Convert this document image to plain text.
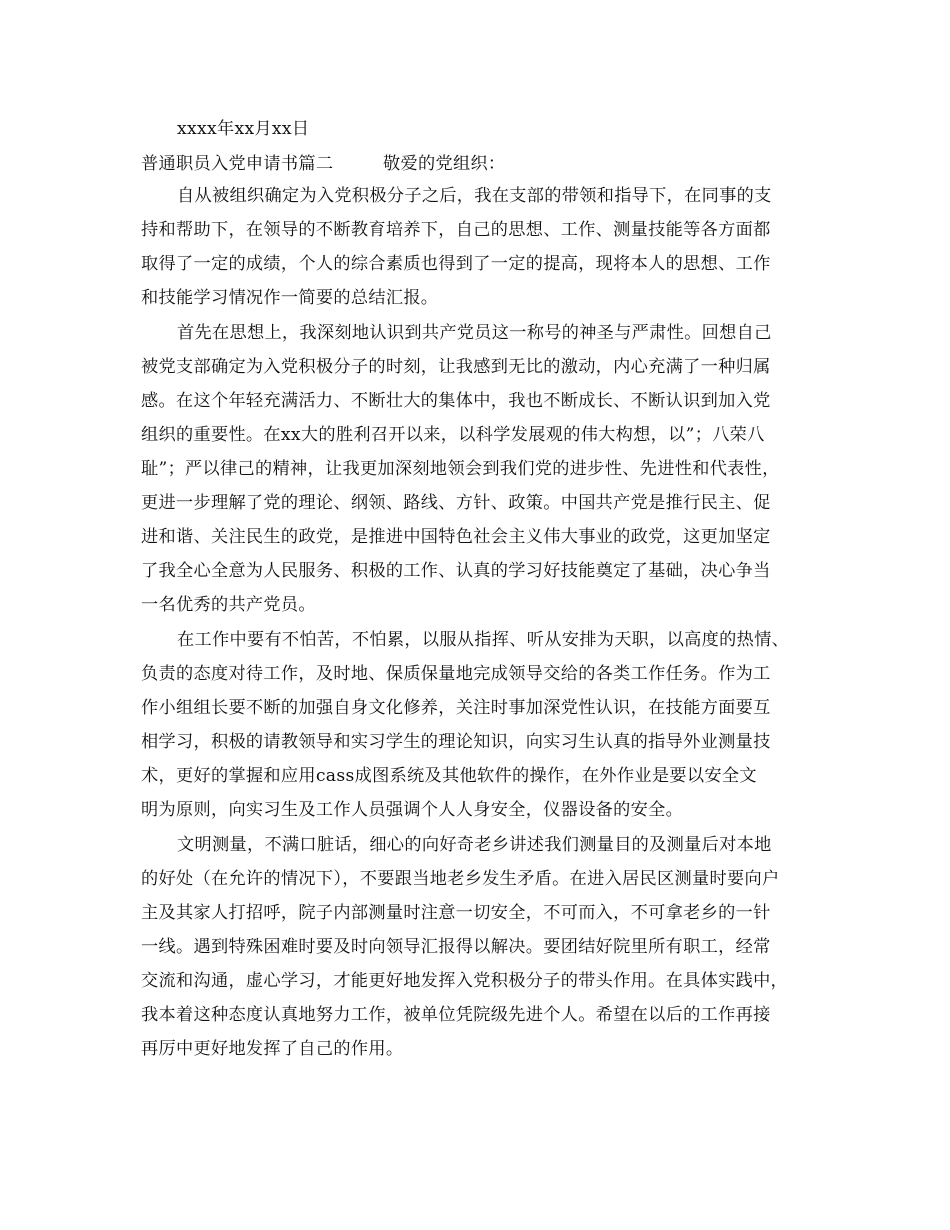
xxxx年xx月xx日
普通职员入党申请书篇二	敬爱的党组织：
自从被组织确定为入党积极分子之后，我在支部的带领和指导下，在同事的支
持和帮助下，在领导的不断教育培养下，自己的思想、工作、测量技能等各方面都
取得了一定的成绩，个人的综合素质也得到了一定的提高，现将本人的思想、工作
和技能学习情况作一简要的总结汇报。
首先在思想上，我深刻地认识到共产党员这一称号的神圣与严肃性。回想自己
被党支部确定为入党积极分子的时刻，让我感到无比的激动，内心充满了一种归属
感。在这个年轻充满活力、不断壮大的集体中，我也不断成长、不断认识到加入党
组织的重要性。在xx大的胜利召开以来，以科学发展观的伟大构想，以”；八荣八
耻”；严以律己的精神，让我更加深刻地领会到我们党的进步性、先进性和代表性，
更进一步理解了党的理论、纲领、路线、方针、政策。中国共产党是推行民主、促
进和谐、关注民生的政党，是推进中国特色社会主义伟大事业的政党，这更加坚定
了我全心全意为人民服务、积极的工作、认真的学习好技能奠定了基础，决心争当
一名优秀的共产党员。
在工作中要有不怕苦，不怕累，以服从指挥、听从安排为天职，以高度的热情、
负责的态度对待工作，及时地、保质保量地完成领导交给的各类工作任务。作为工
作小组组长要不断的加强自身文化修养，关注时事加深党性认识，在技能方面要互
相学习，积极的请教领导和实习学生的理论知识，向实习生认真的指导外业测量技
术，更好的掌握和应用cass成图系统及其他软件的操作，在外作业是要以安全文
明为原则，向实习生及工作人员强调个人人身安全，仪器设备的安全。
文明测量，不满口脏话，细心的向好奇老乡讲述我们测量目的及测量后对本地
的好处（在允许的情况下），不要跟当地老乡发生矛盾。在进入居民区测量时要向户
主及其家人打招呼，院子内部测量时注意一切安全，不可而入，不可拿老乡的一针
一线。遇到特殊困难时要及时向领导汇报得以解决。要团结好院里所有职工，经常
交流和沟通，虚心学习，才能更好地发挥入党积极分子的带头作用。在具体实践中，
我本着这种态度认真地努力工作，被单位凭院级先进个人。希望在以后的工作再接
再厉中更好地发挥了自己的作用。
